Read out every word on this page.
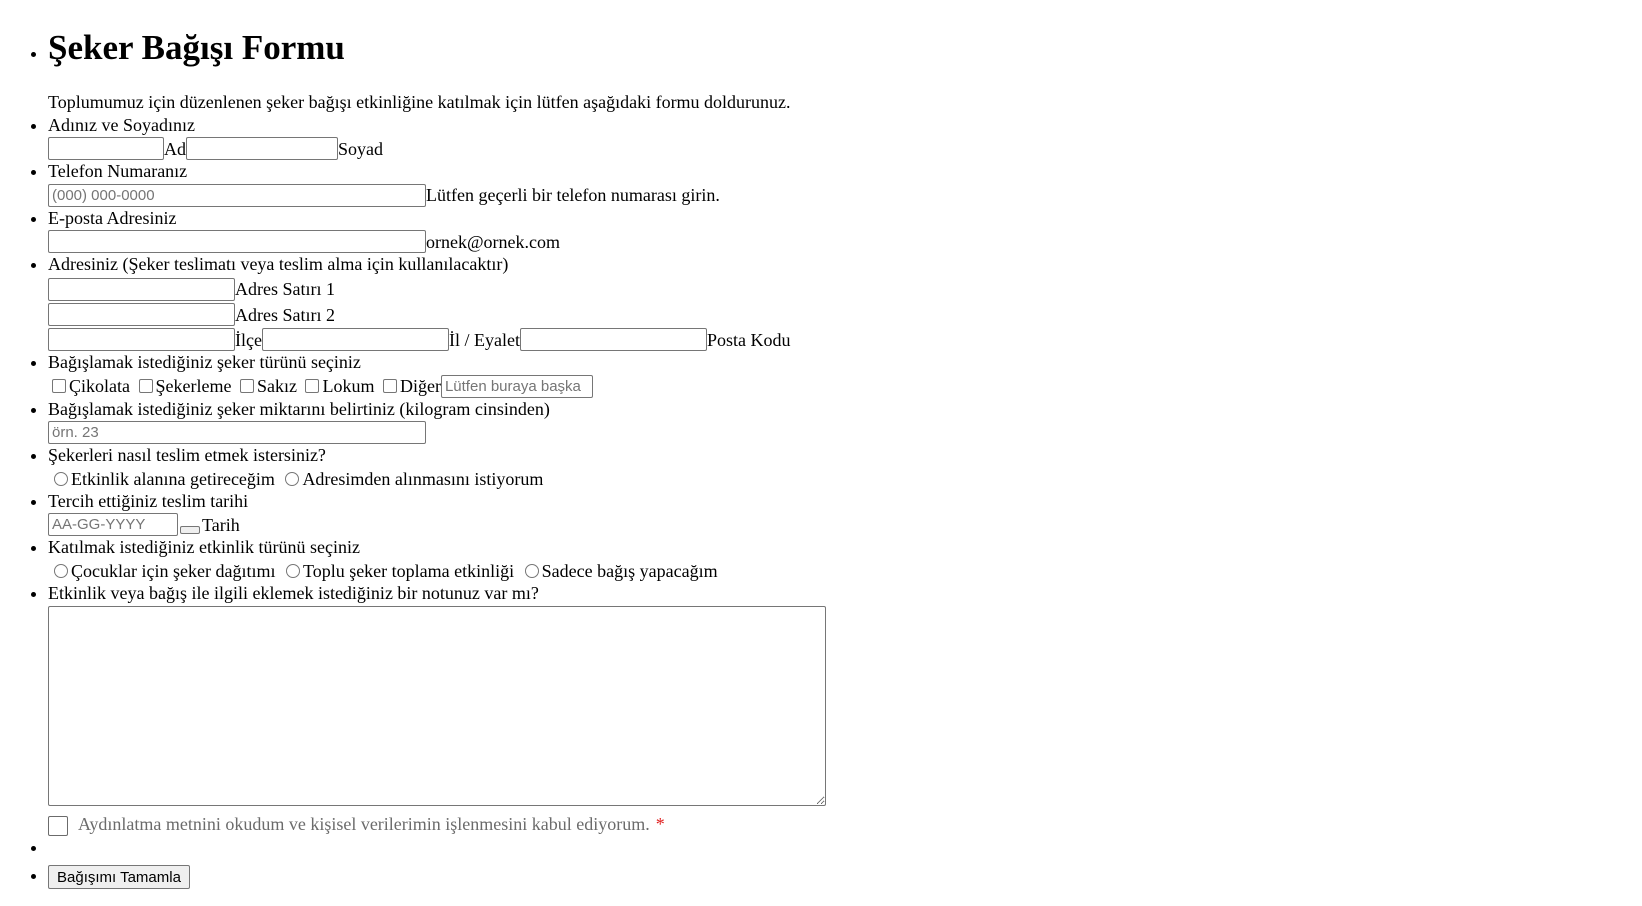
• Şeker Bağışı Formu
Toplumumuz için düzenlenen şeker bağışı etkinliğine katılmak için lütfen aşağıdaki formu doldurunuz.
• Adınız ve Soyadınız
Ad	Soyad
• Telefon Numaranız
(000) 000-0000Lütfen geçerli bir telefon numarası girin.
• E-posta Adresiniz
ornek@ornek.com
• Adresiniz (Şeker teslimatı veya teslim alma için kullanılacaktır)
Adres Satırı 1
Adres Satırı 2
İlçe	İl / Eyalet	Posta Kodu
• Bağışlamak istediğiniz şeker türünü seçiniz
Çikolata Şekerleme Sakız Lokum DiğerLütfen buraya başka
• Bağışlamak istediğiniz şeker miktarını belirtiniz (kilogram cinsinden)
örn. 23
• Şekerleri nasıl teslim etmek istersiniz?
Etkinlik alanına getireceğim Adresimden alınmasını istiyorum
• Tercih ettiğiniz teslim tarihi
AA-GG-YYYYTarih
• Katılmak istediğiniz etkinlik türünü seçiniz
Çocuklar için şeker dağıtımı Toplu şeker toplama etkinliği Sadece bağış yapacağım
• Etkinlik veya bağış ile ilgili eklemek istediğiniz bir notunuz var mı?
Aydınlatma metnini okudum ve kişisel verilerimin işlenmesini kabul ediyorum. *
•
• Bağışımı Tamamla
